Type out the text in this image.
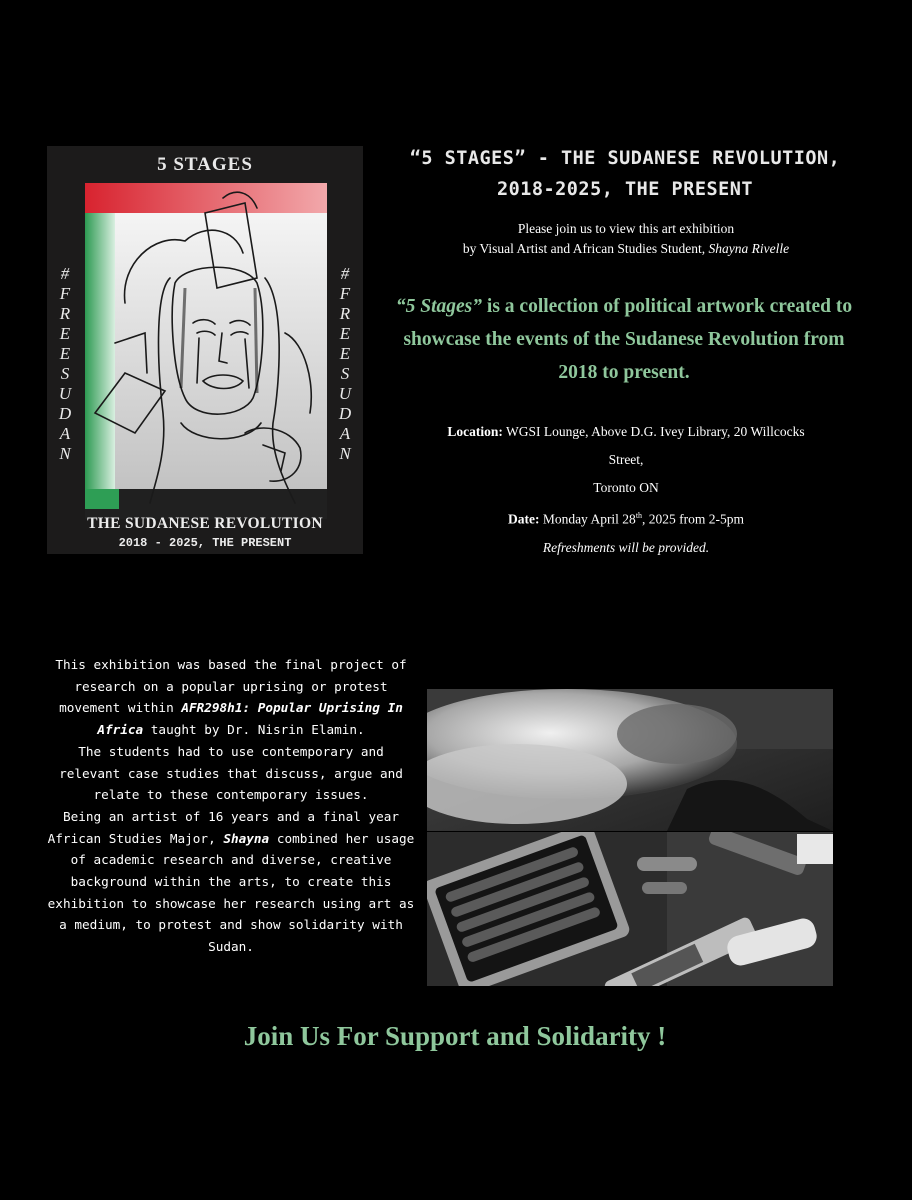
5 STAGES
#
F
R
E
E
S
U
D
A
N
#
F
R
E
E
S
U
D
A
N
THE SUDANESE REVOLUTION
2018 - 2025, THE PRESENT
“5 STAGES” - THE SUDANESE REVOLUTION,
2018-2025, THE PRESENT
Please join us to view this art exhibition
by Visual Artist and African Studies Student, Shayna Rivelle
“5 Stages” is a collection of political artwork created to showcase the events of the Sudanese Revolution from 2018 to present.
Location: WGSI Lounge, Above D.G. Ivey Library, 20 Willcocks
Street,
Toronto ON
Date: Monday April 28th, 2025 from 2-5pm
Refreshments will be provided.
This exhibition was based the final project of research on a popular uprising or protest movement within AFR298h1: Popular Uprising In Africa taught by Dr. Nisrin Elamin.
The students had to use contemporary and relevant case studies that discuss, argue and relate to these contemporary issues.
Being an artist of 16 years and a final year African Studies Major, Shayna combined her usage of academic research and diverse, creative background within the arts, to create this exhibition to showcase her research using art as a medium, to protest and show solidarity with Sudan.
Join Us For Support and Solidarity !
